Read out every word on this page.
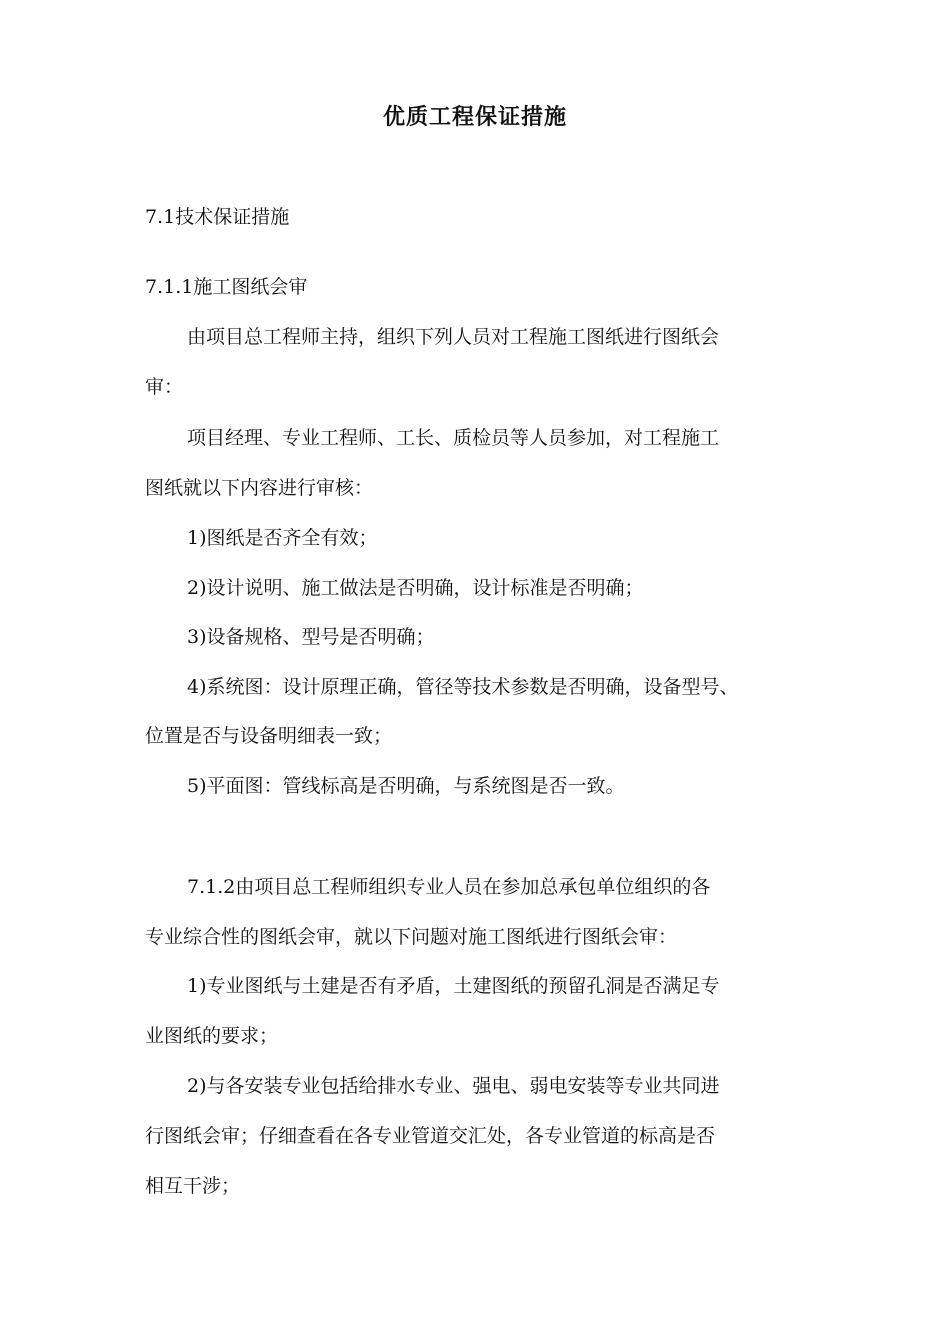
优质工程保证措施
7.1技术保证措施
7.1.1施工图纸会审
由项目总工程师主持，组织下列人员对工程施工图纸进行图纸会
审：
项目经理、专业工程师、工长、质检员等人员参加，对工程施工
图纸就以下内容进行审核：
1)图纸是否齐全有效；
2)设计说明、施工做法是否明确，设计标准是否明确；
3)设备规格、型号是否明确；
4)系统图：设计原理正确，管径等技术参数是否明确，设备型号、
位置是否与设备明细表一致；
5)平面图：管线标高是否明确，与系统图是否一致。
7.1.2由项目总工程师组织专业人员在参加总承包单位组织的各
专业综合性的图纸会审，就以下问题对施工图纸进行图纸会审：
1)专业图纸与土建是否有矛盾，土建图纸的预留孔洞是否满足专
业图纸的要求；
2)与各安装专业包括给排水专业、强电、弱电安装等专业共同进
行图纸会审；仔细查看在各专业管道交汇处，各专业管道的标高是否
相互干涉；
